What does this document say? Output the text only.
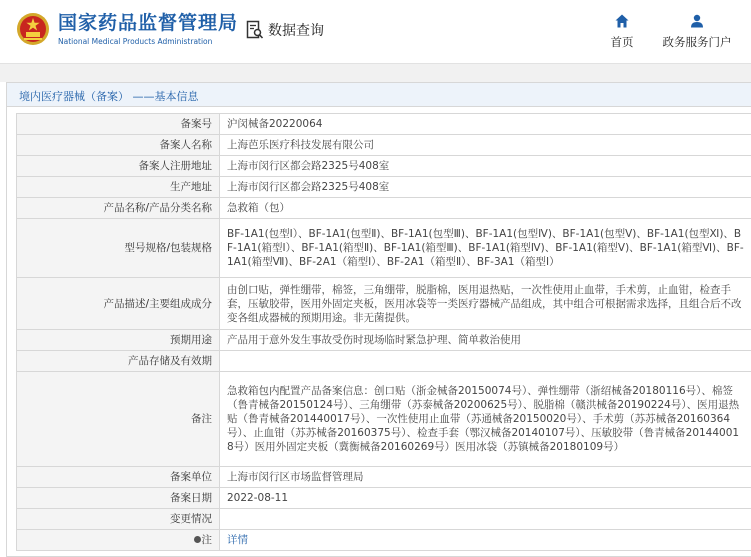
国家药品监督管理局
National Medical Products Administration
数据查询
首页	政务服务门户
境内医疗器械（备案） ——基本信息
备案号	沪闵械备20220064
备案人名称	上海芭乐医疗科技发展有限公司
备案人注册地址	上海市闵行区都会路2325号408室
生产地址	上海市闵行区都会路2325号408室
产品名称/产品分类名称	急救箱（包）
型号规格/包装规格	BF-1A1(包型Ⅰ）、BF-1A1(包型Ⅱ)、BF-1A1(包型Ⅲ)、BF-1A1(包型Ⅳ)、BF-1A1(包型Ⅴ)、BF-1A1(包型Ⅺ)、BF-1A1(箱型Ⅰ）、BF-1A1(箱型Ⅱ)、BF-1A1(箱型Ⅲ)、BF-1A1(箱型Ⅳ)、BF-1A1(箱型Ⅴ)、BF-1A1(箱型Ⅵ)、BF-1A1(箱型Ⅶ)、BF-2A1（箱型Ⅰ）、BF-2A1（箱型Ⅱ）、BF-3A1（箱型Ⅰ）
产品描述/主要组成成分	由创口贴，弹性绷带，棉签，三角绷带，脱脂棉，医用退热贴，一次性使用止血带，手术剪，止血钳，检查手套，压敏胶带，医用外固定夹板，医用冰袋等一类医疗器械产品组成，其中组合可根据需求选择，且组合后不改变各组成器械的预期用途。非无菌提供。
预期用途	产品用于意外发生事故受伤时现场临时紧急护理、简单救治使用
产品存储及有效期	
备注	急救箱包内配置产品备案信息：创口贴（浙金械备20150074号）、弹性绷带（浙绍械备20180116号）、棉签（鲁青械备20150124号）、三角绷带（苏泰械备20200625号）、脱脂棉（赣洪械备20190224号）、医用退热贴（鲁青械备201440017号）、一次性使用止血带（苏通械备20150020号）、手术剪（苏苏械备20160364号）、止血钳（苏苏械备20160375号）、检查手套（鄂汉械备20140107号）、压敏胶带（鲁青械备201440018号）医用外固定夹板（冀衡械备20160269号）医用冰袋（苏镇械备20180109号）
备案单位	上海市闵行区市场监督管理局
备案日期	2022-08-11
变更情况	
注	详情
